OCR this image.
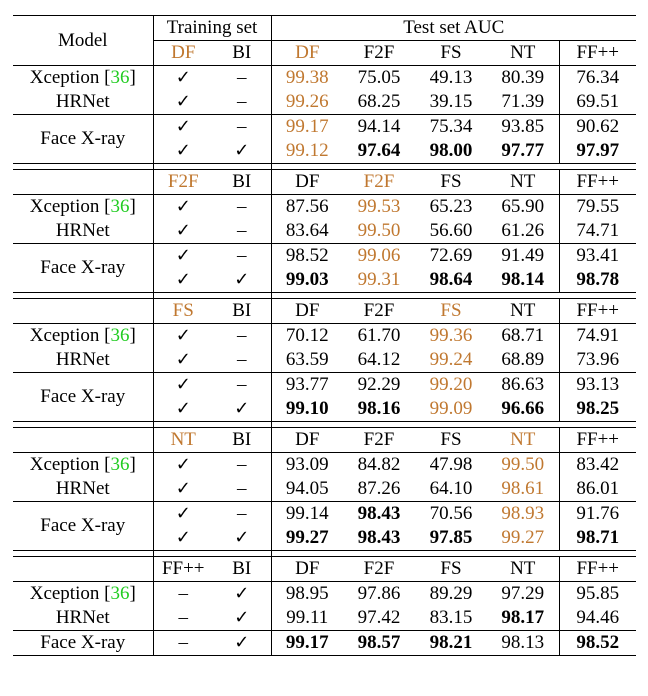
Model	Training set		Test set AUC				
	DF	BI	DF	F2F	FS	NT	FF++
Xception [36]	✓	–	99.38	75.05	49.13	80.39	76.34
HRNet	✓	–	99.26	68.25	39.15	71.39	69.51
Face X-ray	✓	–	99.17	94.14	75.34	93.85	90.62
	✓	✓	99.12	97.64	98.00	97.77	97.97

	F2F	BI	DF	F2F	FS	NT	FF++
Xception [36]	✓	–	87.56	99.53	65.23	65.90	79.55
HRNet	✓	–	83.64	99.50	56.60	61.26	74.71
Face X-ray	✓	–	98.52	99.06	72.69	91.49	93.41
	✓	✓	99.03	99.31	98.64	98.14	98.78

	FS	BI	DF	F2F	FS	NT	FF++
Xception [36]	✓	–	70.12	61.70	99.36	68.71	74.91
HRNet	✓	–	63.59	64.12	99.24	68.89	73.96
Face X-ray	✓	–	93.77	92.29	99.20	86.63	93.13
	✓	✓	99.10	98.16	99.09	96.66	98.25

	NT	BI	DF	F2F	FS	NT	FF++
Xception [36]	✓	–	93.09	84.82	47.98	99.50	83.42
HRNet	✓	–	94.05	87.26	64.10	98.61	86.01
Face X-ray	✓	–	99.14	98.43	70.56	98.93	91.76
	✓	✓	99.27	98.43	97.85	99.27	98.71

	FF++	BI	DF	F2F	FS	NT	FF++
Xception [36]	–	✓	98.95	97.86	89.29	97.29	95.85
HRNet	–	✓	99.11	97.42	83.15	98.17	94.46
Face X-ray	–	✓	99.17	98.57	98.21	98.13	98.52
